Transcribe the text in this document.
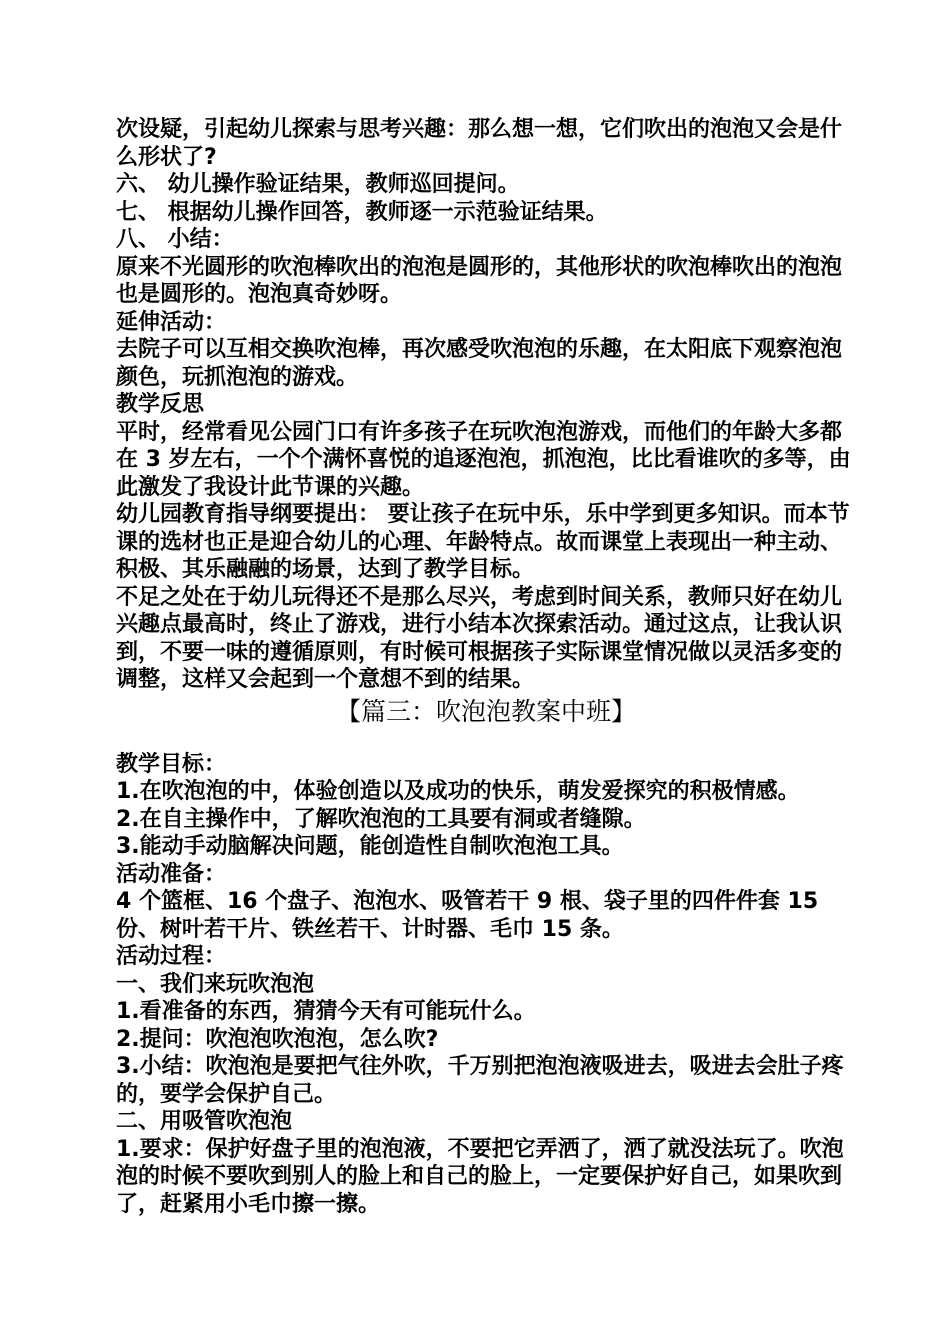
次设疑，引起幼儿探索与思考兴趣：那么想一想，它们吹出的泡泡又会是什么形状了?

六、 幼儿操作验证结果，教师巡回提问。

七、 根据幼儿操作回答，教师逐一示范验证结果。

八、 小结：

原来不光圆形的吹泡棒吹出的泡泡是圆形的，其他形状的吹泡棒吹出的泡泡也是圆形的。泡泡真奇妙呀。

延伸活动：

去院子可以互相交换吹泡棒，再次感受吹泡泡的乐趣，在太阳底下观察泡泡颜色，玩抓泡泡的游戏。

教学反思

平时，经常看见公园门口有许多孩子在玩吹泡泡游戏，而他们的年龄大多都在 3 岁左右，一个个满怀喜悦的追逐泡泡，抓泡泡，比比看谁吹的多等，由此激发了我设计此节课的兴趣。

幼儿园教育指导纲要提出： 要让孩子在玩中乐，乐中学到更多知识。而本节课的选材也正是迎合幼儿的心理、年龄特点。故而课堂上表现出一种主动、积极、其乐融融的场景，达到了教学目标。

不足之处在于幼儿玩得还不是那么尽兴，考虑到时间关系，教师只好在幼儿兴趣点最高时，终止了游戏，进行小结本次探索活动。通过这点，让我认识到，不要一味的遵循原则，有时候可根据孩子实际课堂情况做以灵活多变的调整，这样又会起到一个意想不到的结果。

【篇三：吹泡泡教案中班】

教学目标：

1.在吹泡泡的中，体验创造以及成功的快乐，萌发爱探究的积极情感。

2.在自主操作中，了解吹泡泡的工具要有洞或者缝隙。

3.能动手动脑解决问题，能创造性自制吹泡泡工具。

活动准备：

4 个篮框、16 个盘子、泡泡水、吸管若干 9 根、袋子里的四件件套 15 份、树叶若干片、铁丝若干、计时器、毛巾 15 条。

活动过程：

一、我们来玩吹泡泡

1.看准备的东西，猜猜今天有可能玩什么。

2.提问：吹泡泡吹泡泡，怎么吹?

3.小结：吹泡泡是要把气往外吹，千万别把泡泡液吸进去，吸进去会肚子疼的，要学会保护自己。

二、用吸管吹泡泡

1.要求：保护好盘子里的泡泡液，不要把它弄洒了，洒了就没法玩了。吹泡泡的时候不要吹到别人的脸上和自己的脸上，一定要保护好自己，如果吹到了，赶紧用小毛巾擦一擦。
